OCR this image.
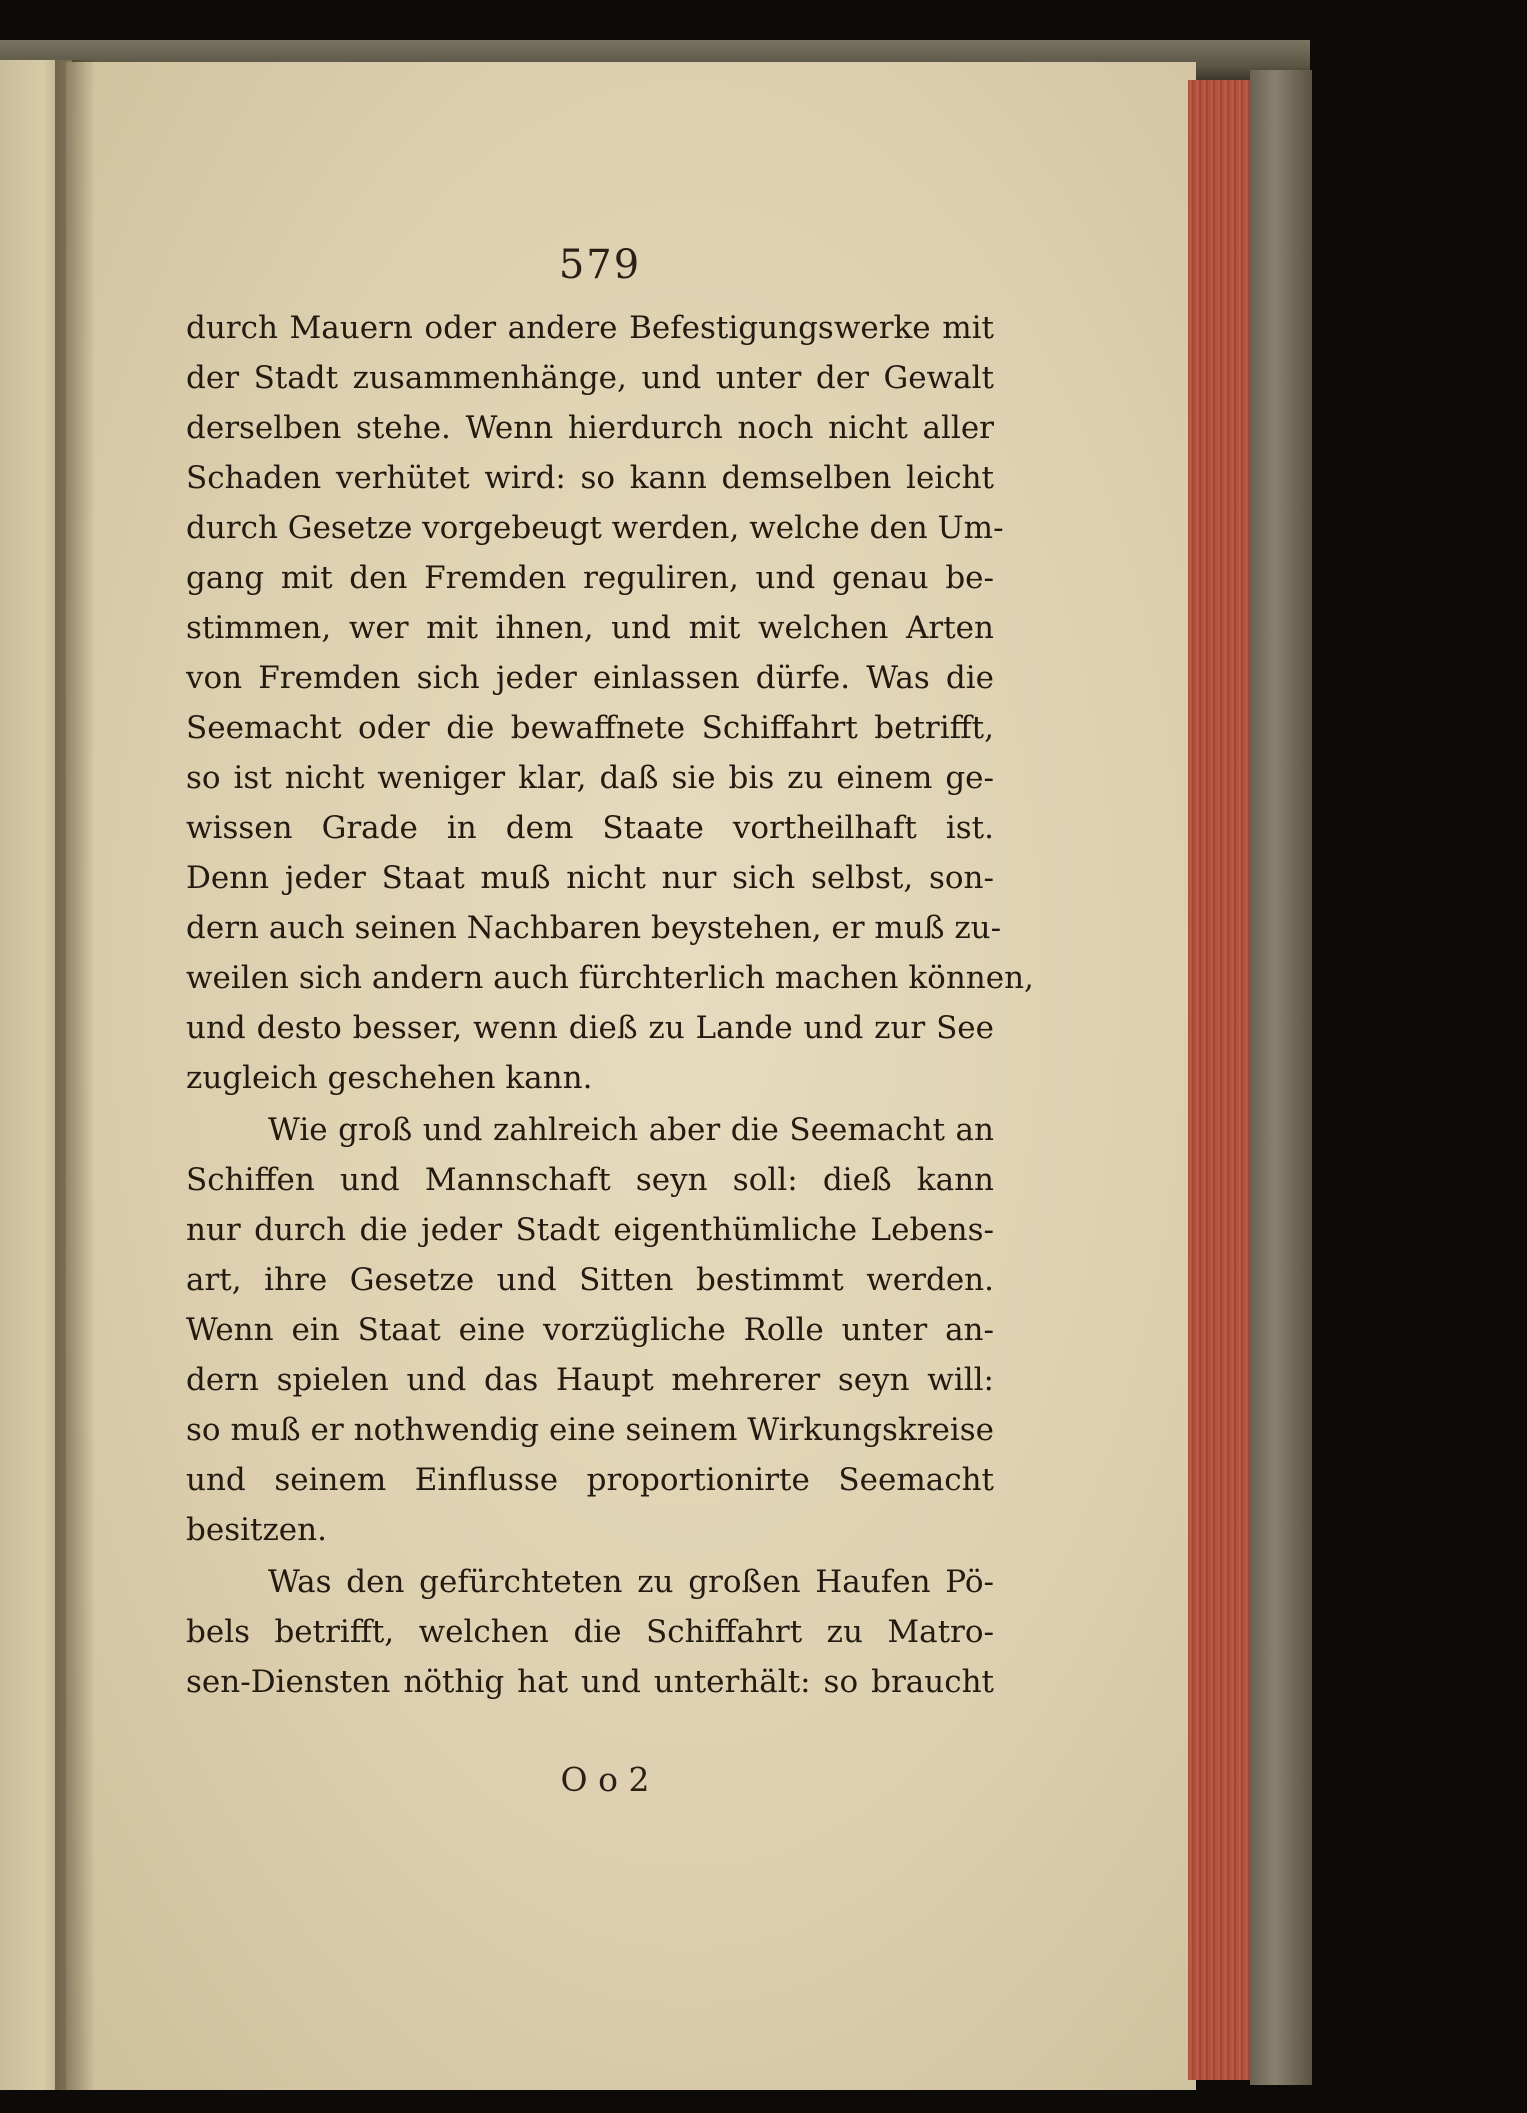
579
durch Mauern oder andere Befestigungswerke mit
der Stadt zusammenhänge, und unter der Gewalt
derselben stehe. Wenn hierdurch noch nicht aller
Schaden verhütet wird: so kann demselben leicht
durch Gesetze vorgebeugt werden, welche den Um-
gang mit den Fremden reguliren, und genau be-
stimmen, wer mit ihnen, und mit welchen Arten
von Fremden sich jeder einlassen dürfe. Was die
Seemacht oder die bewaffnete Schiffahrt betrifft,
so ist nicht weniger klar, daß sie bis zu einem ge-
wissen Grade in dem Staate vortheilhaft ist.
Denn jeder Staat muß nicht nur sich selbst, son-
dern auch seinen Nachbaren beystehen, er muß zu-
weilen sich andern auch fürchterlich machen können,
und desto besser, wenn dieß zu Lande und zur See
zugleich geschehen kann.
Wie groß und zahlreich aber die Seemacht an
Schiffen und Mannschaft seyn soll: dieß kann
nur durch die jeder Stadt eigenthümliche Lebens-
art, ihre Gesetze und Sitten bestimmt werden.
Wenn ein Staat eine vorzügliche Rolle unter an-
dern spielen und das Haupt mehrerer seyn will:
so muß er nothwendig eine seinem Wirkungskreise
und seinem Einflusse proportionirte Seemacht
besitzen.
Was den gefürchteten zu großen Haufen Pö-
bels betrifft, welchen die Schiffahrt zu Matro-
sen-Diensten nöthig hat und unterhält: so braucht
O o 2
